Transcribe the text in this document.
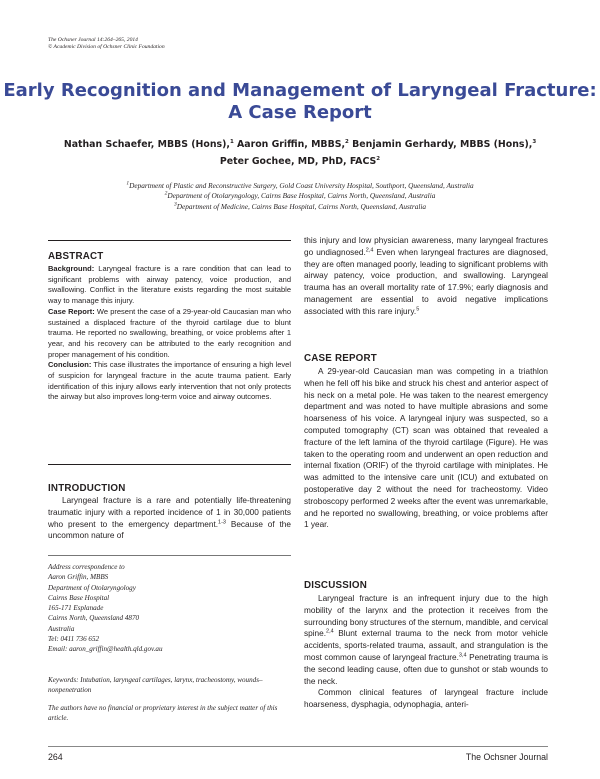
The Ochsner Journal 14:264–265, 2014
© Academic Division of Ochsner Clinic Foundation
Early Recognition and Management of Laryngeal Fracture:
A Case Report
Nathan Schaefer, MBBS (Hons),$^1$ Aaron Griffin, MBBS,$^2$ Benjamin Gerhardy, MBBS (Hons),$^3$
Peter Gochee, MD, PhD, FACS$^2$
$^1$Department of Plastic and Reconstructive Surgery, Gold Coast University Hospital, Southport, Queensland, Australia
$^2$Department of Otolaryngology, Cairns Base Hospital, Cairns North, Queensland, Australia
$^3$Department of Medicine, Cairns Base Hospital, Cairns North, Queensland, Australia
ABSTRACT

Background: Laryngeal fracture is a rare condition that can lead to significant problems with airway patency, voice production, and swallowing. Conflict in the literature exists regarding the most suitable way to manage this injury.

Case Report: We present the case of a 29-year-old Caucasian man who sustained a displaced fracture of the thyroid cartilage due to blunt trauma. He reported no swallowing, breathing, or voice problems after 1 year, and his recovery can be attributed to the early recognition and proper management of his condition.

Conclusion: This case illustrates the importance of ensuring a high level of suspicion for laryngeal fracture in the acute trauma patient. Early identification of this injury allows early intervention that not only protects the airway but also improves long-term voice and airway outcomes.

INTRODUCTION

Laryngeal fracture is a rare and potentially life-threatening traumatic injury with a reported incidence of 1 in 30,000 patients who present to the emergency department.$^{1-3}$ Because of the uncommon nature of

Address correspondence to
Aaron Griffin, MBBS
Department of Otolaryngology
Cairns Base Hospital
165-171 Esplanade
Cairns North, Queensland 4870
Australia
Tel: 0411 736 652
Email: aaron_griffin@health.qld.gov.au
Keywords: Intubation, laryngeal cartilages, larynx, tracheostomy, wounds–nonpenetration
The authors have no financial or proprietary interest in the subject matter of this article.

this injury and low physician awareness, many laryngeal fractures go undiagnosed.$^{2,4}$ Even when laryngeal fractures are diagnosed, they are often managed poorly, leading to significant problems with airway patency, voice production, and swallowing. Laryngeal trauma has an overall mortality rate of 17.9%; early diagnosis and management are essential to avoid negative implications associated with this rare injury.$^5$

CASE REPORT

A 29-year-old Caucasian man was competing in a triathlon when he fell off his bike and struck his chest and anterior aspect of his neck on a metal pole. He was taken to the nearest emergency department and was noted to have multiple abrasions and some hoarseness of his voice. A laryngeal injury was suspected, so a computed tomography (CT) scan was obtained that revealed a fracture of the left lamina of the thyroid cartilage (Figure). He was taken to the operating room and underwent an open reduction and internal fixation (ORIF) of the thyroid cartilage with miniplates. He was admitted to the intensive care unit (ICU) and extubated on postoperative day 2 without the need for tracheostomy. Video stroboscopy performed 2 weeks after the event was unremarkable, and he reported no swallowing, breathing, or voice problems after 1 year.

DISCUSSION

Laryngeal fracture is an infrequent injury due to the high mobility of the larynx and the protection it receives from the surrounding bony structures of the sternum, mandible, and cervical spine.$^{2,4}$ Blunt external trauma to the neck from motor vehicle accidents, sports-related trauma, assault, and strangulation is the most common cause of laryngeal fracture.$^{3,4}$ Penetrating trauma is the second leading cause, often due to gunshot or stab wounds to the neck.

Common clinical features of laryngeal fracture include hoarseness, dysphagia, odynophagia, anteri-

264	The Ochsner Journal
